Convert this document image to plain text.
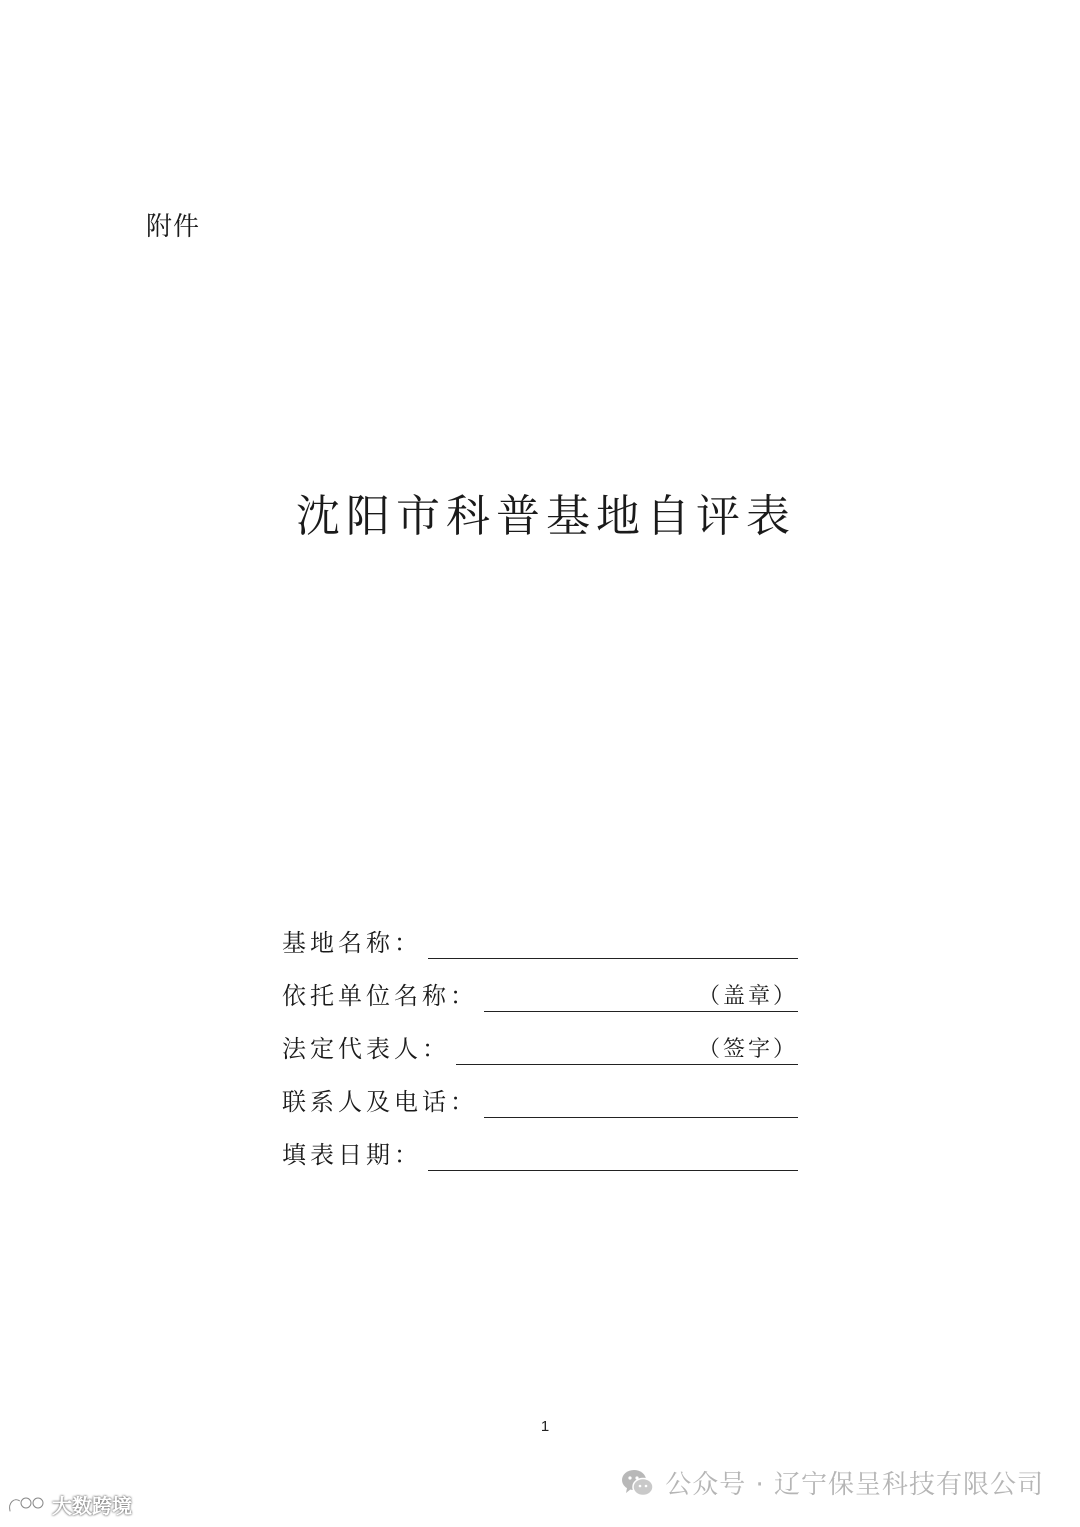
附件
沈阳市科普基地自评表
基地名称：
依托单位名称：	（盖章）
法定代表人：	（签字）
联系人及电话：
填表日期：
1
公众号 · 辽宁保呈科技有限公司
大数跨境
